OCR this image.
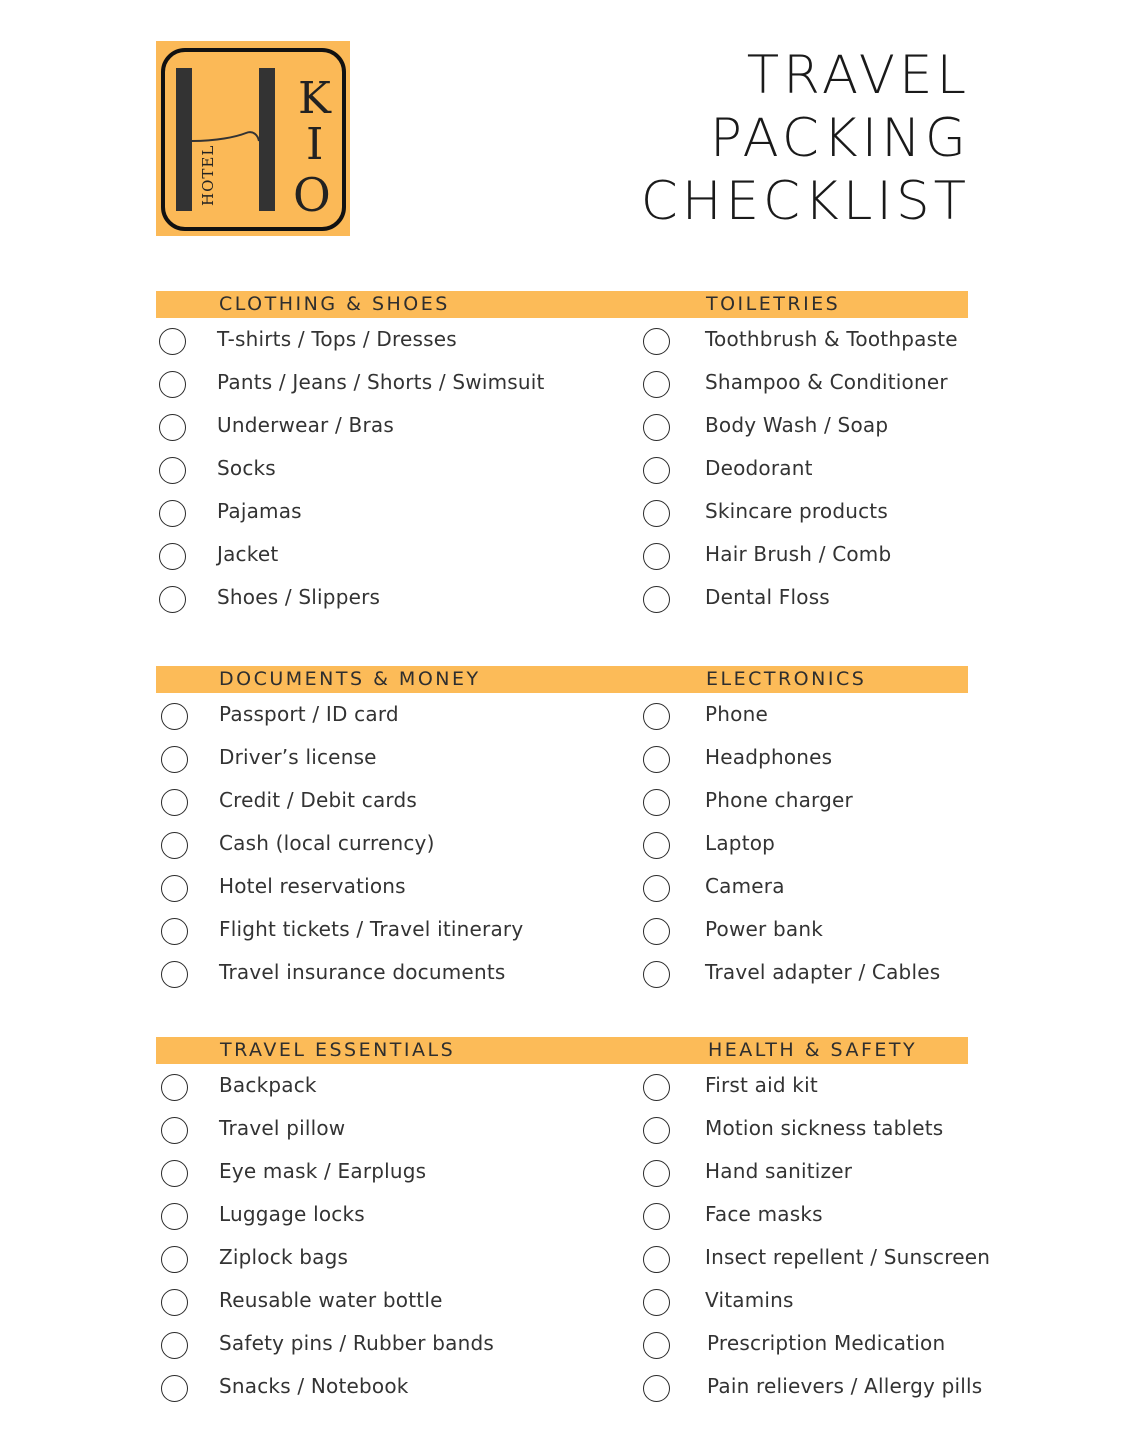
HOTEL
K
I
O
TRAVEL
PACKING
CHECKLIST
CLOTHING & SHOES	TOILETRIES
T-shirts / Tops / Dresses
Pants / Jeans / Shorts / Swimsuit
Underwear / Bras
Socks
Pajamas
Jacket
Shoes / Slippers
Toothbrush & Toothpaste
Shampoo & Conditioner
Body Wash / Soap
Deodorant
Skincare products
Hair Brush / Comb
Dental Floss
DOCUMENTS & MONEY	ELECTRONICS
Passport / ID card
Driver’s license
Credit / Debit cards
Cash (local currency)
Hotel reservations
Flight tickets / Travel itinerary
Travel insurance documents
Phone
Headphones
Phone charger
Laptop
Camera
Power bank
Travel adapter / Cables
TRAVEL ESSENTIALS	HEALTH & SAFETY
Backpack
Travel pillow
Eye mask / Earplugs
Luggage locks
Ziplock bags
Reusable water bottle
Safety pins / Rubber bands
Snacks / Notebook
First aid kit
Motion sickness tablets
Hand sanitizer
Face masks
Insect repellent / Sunscreen
Vitamins
Prescription Medication
Pain relievers / Allergy pills
